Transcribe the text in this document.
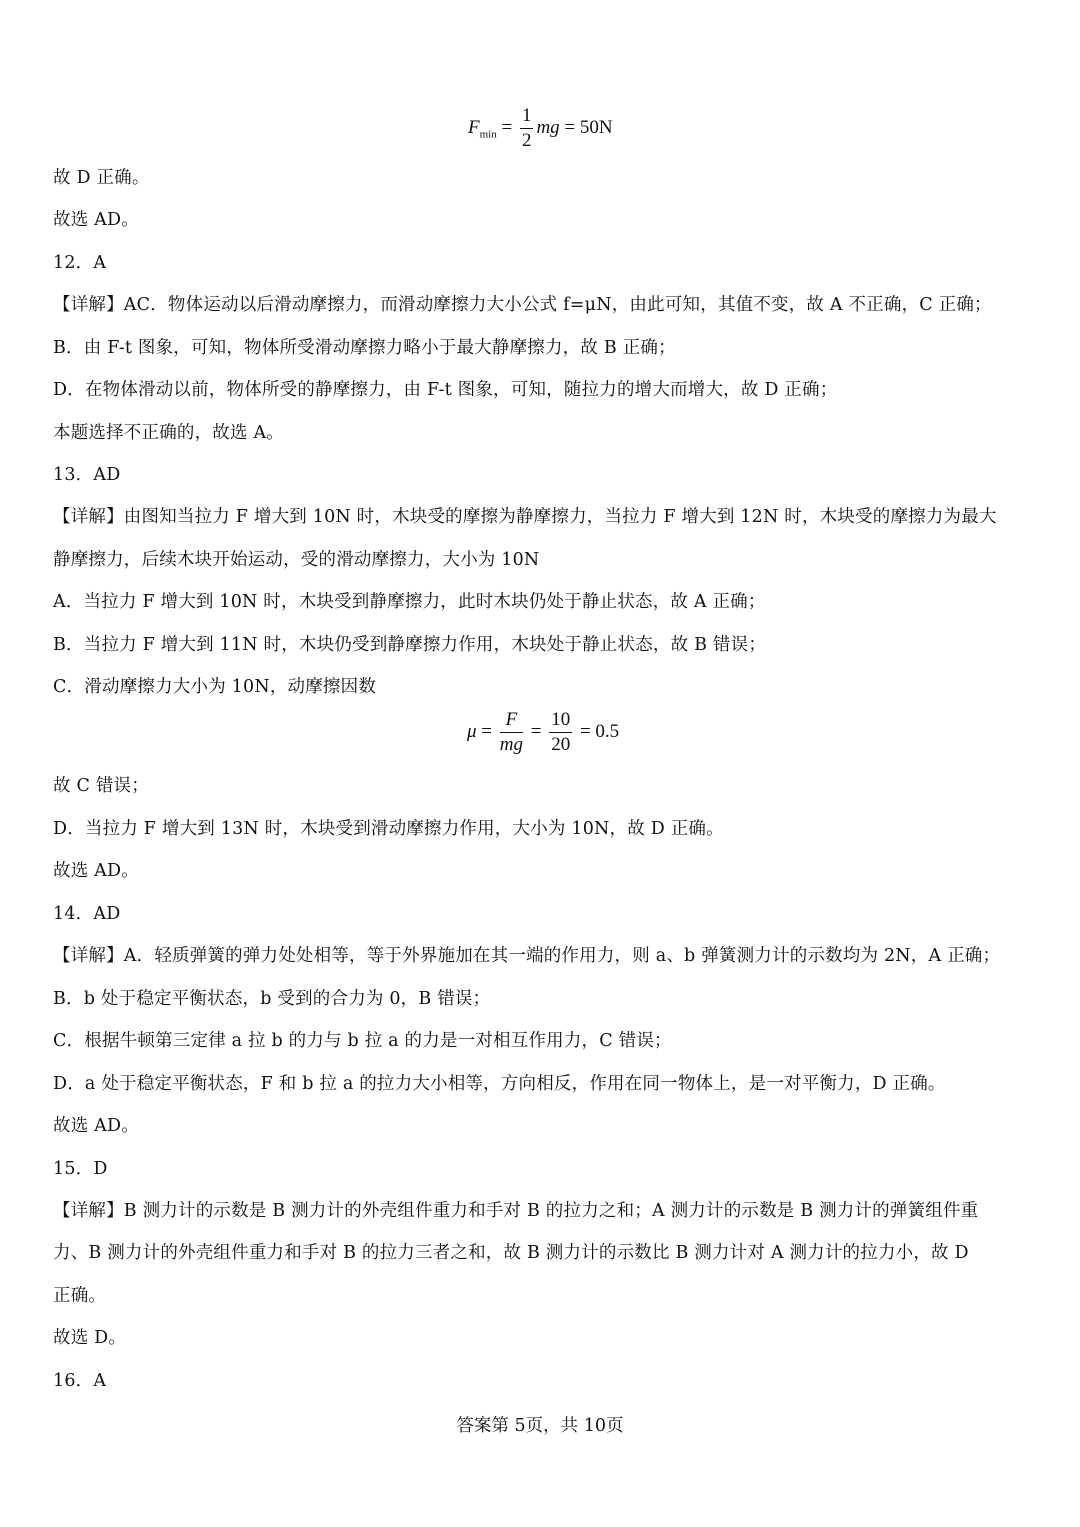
$F_{min} = \frac{1}{2}$ mg = 50N
故 D 正确。
故选 AD。
12．A
【详解】AC．物体运动以后滑动摩擦力，而滑动摩擦力大小公式 f=μN，由此可知，其值不变，故 A 不正确，C 正确；
B．由 F-t 图象，可知，物体所受滑动摩擦力略小于最大静摩擦力，故 B 正确；
D．在物体滑动以前，物体所受的静摩擦力，由 F-t 图象，可知，随拉力的增大而增大，故 D 正确；
本题选择不正确的，故选 A。
13．AD
【详解】由图知当拉力 F 增大到 10N 时，木块受的摩擦为静摩擦力，当拉力 F 增大到 12N 时，木块受的摩擦力为最大
静摩擦力，后续木块开始运动，受的滑动摩擦力，大小为 10N
A．当拉力 F 增大到 10N 时，木块受到静摩擦力，此时木块仍处于静止状态，故 A 正确；
B．当拉力 F 增大到 11N 时，木块仍受到静摩擦力作用，木块处于静止状态，故 B 错误；
C．滑动摩擦力大小为 10N，动摩擦因数
$\mu = \frac{F}{mg} = \frac{10}{20} = 0.5$
故 C 错误；
D．当拉力 F 增大到 13N 时，木块受到滑动摩擦力作用，大小为 10N，故 D 正确。
故选 AD。
14．AD
【详解】A．轻质弹簧的弹力处处相等，等于外界施加在其一端的作用力，则 a、b 弹簧测力计的示数均为 2N，A 正确；
B．b 处于稳定平衡状态，b 受到的合力为 0，B 错误；
C．根据牛顿第三定律 a 拉 b 的力与 b 拉 a 的力是一对相互作用力，C 错误；
D．a 处于稳定平衡状态，F 和 b 拉 a 的拉力大小相等，方向相反，作用在同一物体上，是一对平衡力，D 正确。
故选 AD。
15．D
【详解】B 测力计的示数是 B 测力计的外壳组件重力和手对 B 的拉力之和；A 测力计的示数是 B 测力计的弹簧组件重
力、B 测力计的外壳组件重力和手对 B 的拉力三者之和，故 B 测力计的示数比 B 测力计对 A 测力计的拉力小，故 D
正确。
故选 D。
16．A
答案第 5页，共 10页
